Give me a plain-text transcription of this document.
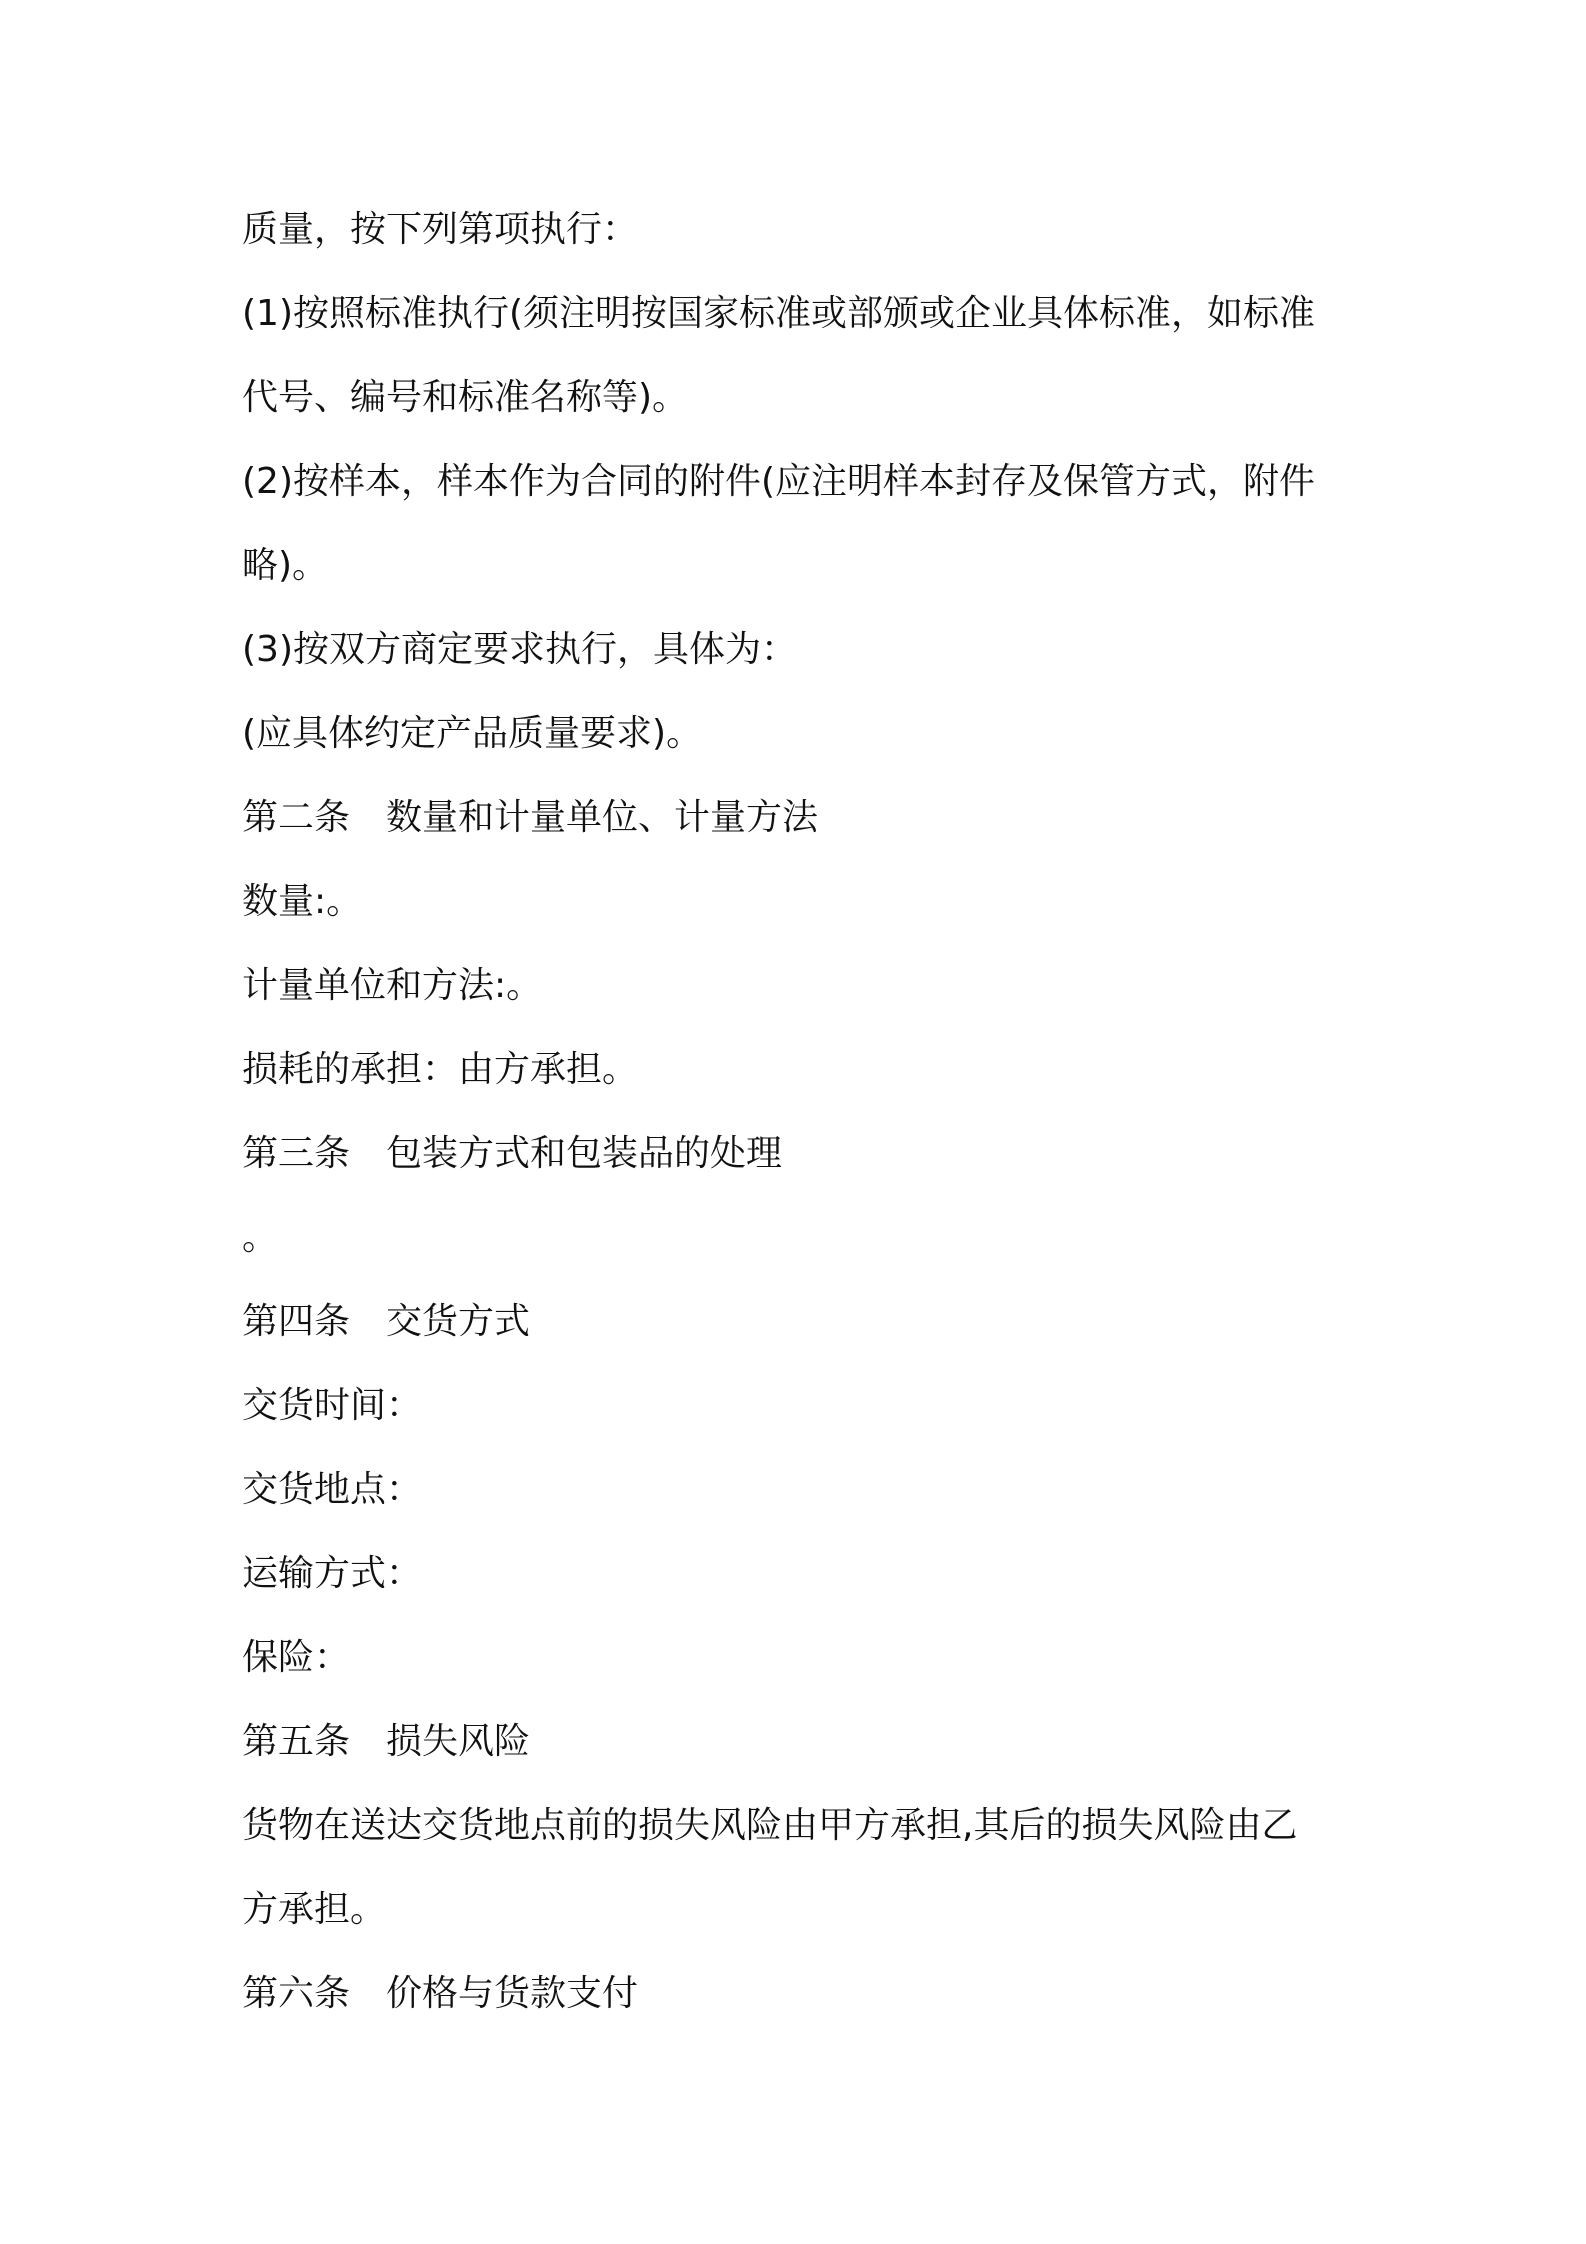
质量，按下列第项执行：
(1)按照标准执行(须注明按国家标准或部颁或企业具体标准，如标准
代号、编号和标准名称等)。
(2)按样本，样本作为合同的附件(应注明样本封存及保管方式，附件
略)。
(3)按双方商定要求执行，具体为：
(应具体约定产品质量要求)。
第二条　数量和计量单位、计量方法
数量:。
计量单位和方法:。
损耗的承担：由方承担。
第三条　包装方式和包装品的处理
。
第四条　交货方式
交货时间：
交货地点：
运输方式：
保险：
第五条　损失风险
货物在送达交货地点前的损失风险由甲方承担,其后的损失风险由乙
方承担。
第六条　价格与货款支付
